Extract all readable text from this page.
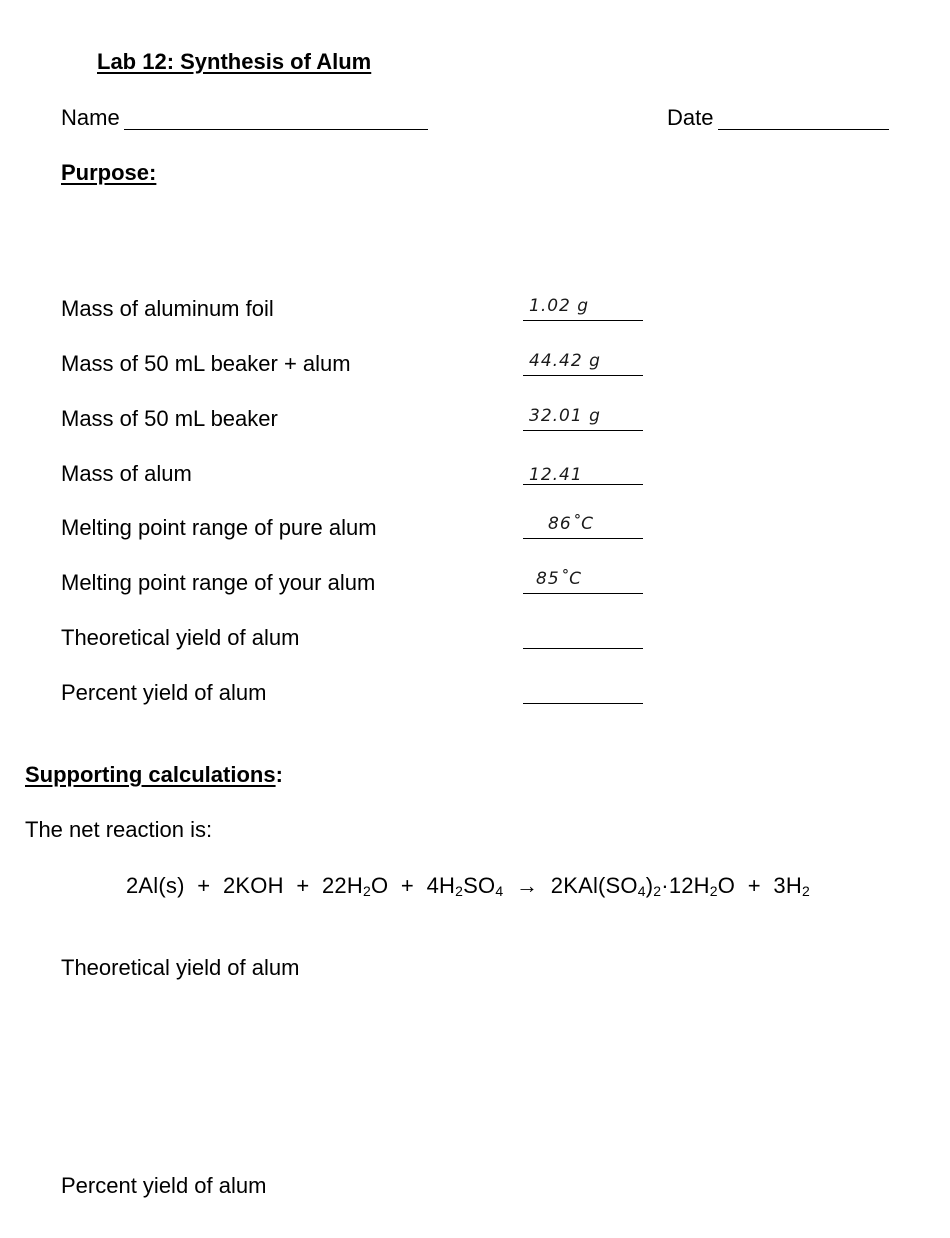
Lab 12: Synthesis of Alum
Name	Date
Purpose:
Mass of aluminum foil	1.02 g
Mass of 50 mL beaker + alum	44.42 g
Mass of 50 mL beaker	32.01 g
Mass of alum	12.41
Melting point range of pure alum	86˚C
Melting point range of your alum	85˚C
Theoretical yield of alum
Percent yield of alum
Supporting calculations:
The net reaction is:
$2Al(s) + 2KOH + 22H_2O + 4H_2SO_4 \to 2KAl(SO_4)_2\cdot 12H_2O + 3H_2$
Theoretical yield of alum
Percent yield of alum
